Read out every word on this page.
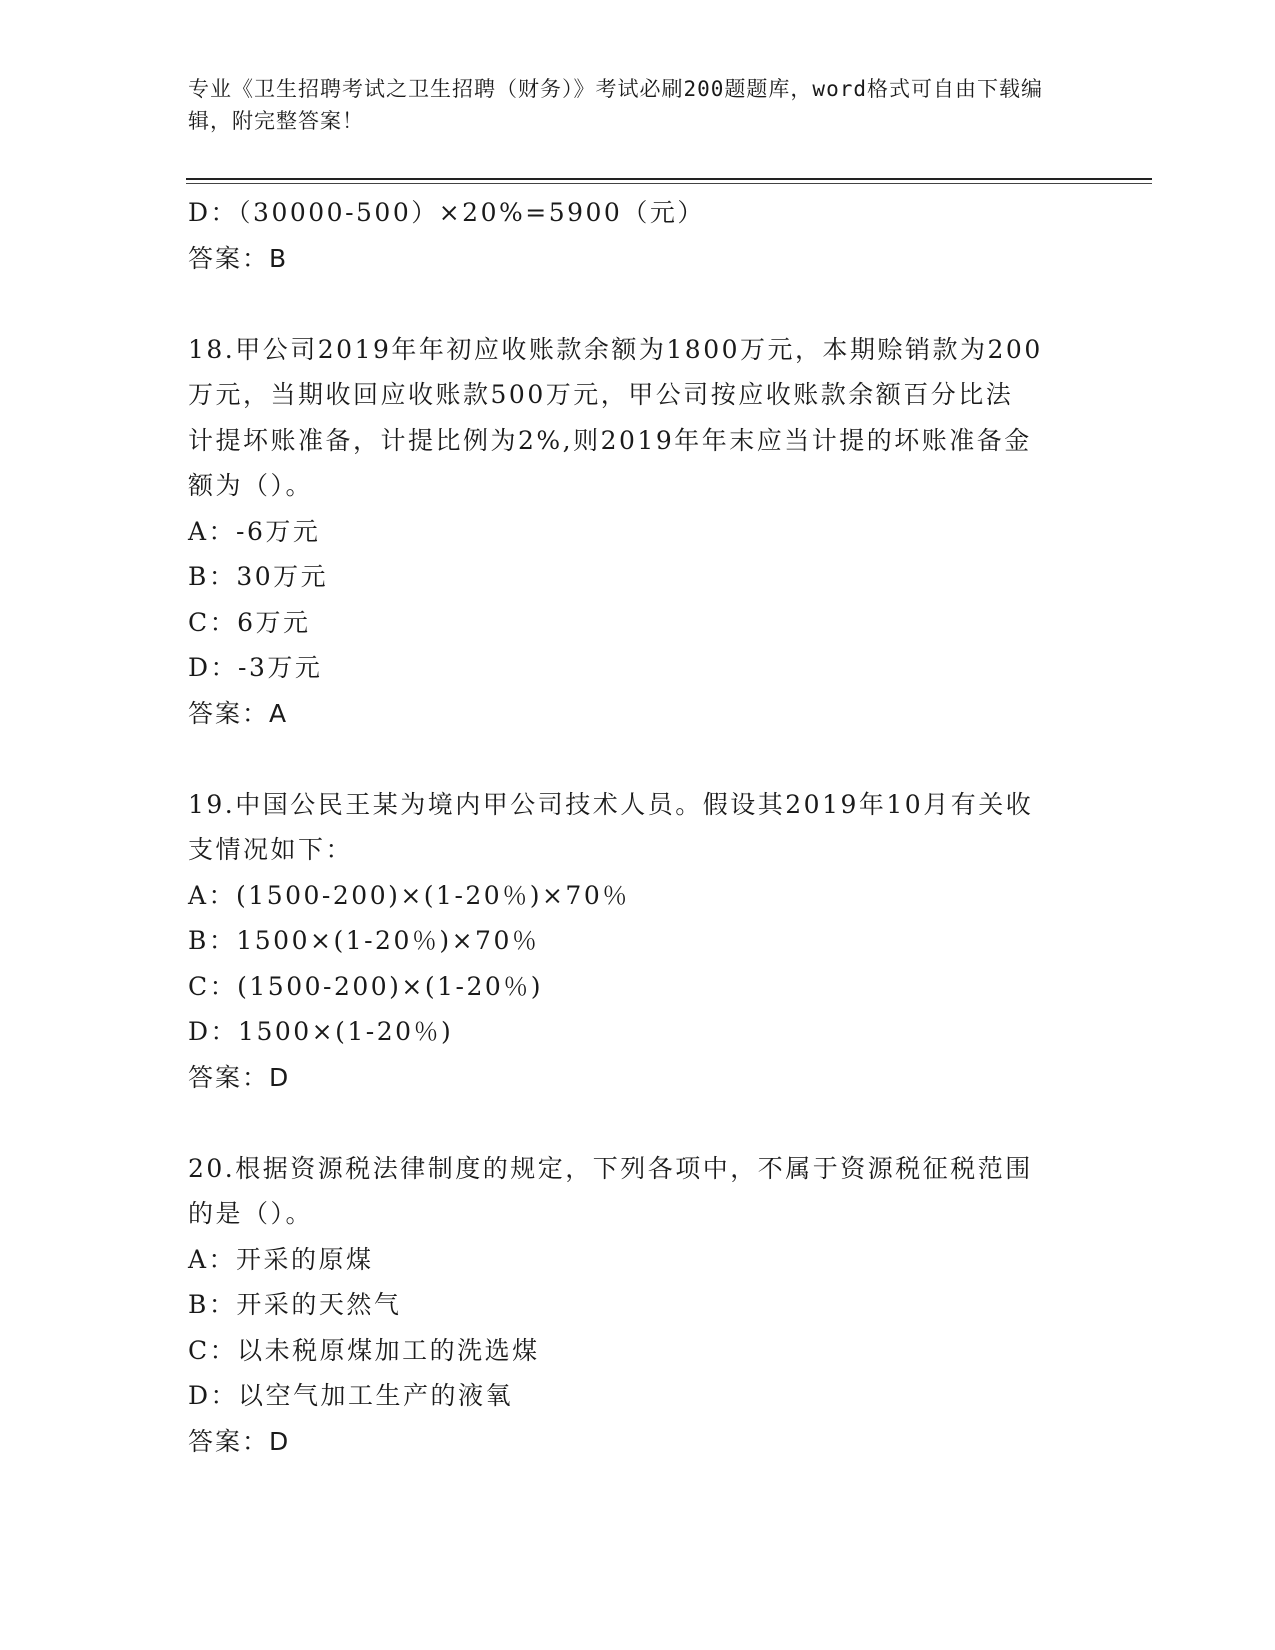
专业《卫生招聘考试之卫生招聘（财务）》考试必刷200题题库，word格式可自由下载编辑，附完整答案！
D：（30000-500）×20%=5900（元）
答案：B
18.甲公司2019年年初应收账款余额为1800万元，本期赊销款为200
万元，当期收回应收账款500万元，甲公司按应收账款余额百分比法
计提坏账准备，计提比例为2%,则2019年年末应当计提的坏账准备金
额为（）。
A：-6万元
B：30万元
C：6万元
D：-3万元
答案：A
19.中国公民王某为境内甲公司技术人员。假设其2019年10月有关收
支情况如下：
A：(1500-200)×(1-20％)×70％
B：1500×(1-20％)×70％
C：(1500-200)×(1-20％)
D：1500×(1-20％)
答案：D
20.根据资源税法律制度的规定，下列各项中，不属于资源税征税范围
的是（）。
A：开采的原煤
B：开采的天然气
C：以未税原煤加工的洗选煤
D：以空气加工生产的液氧
答案：D
